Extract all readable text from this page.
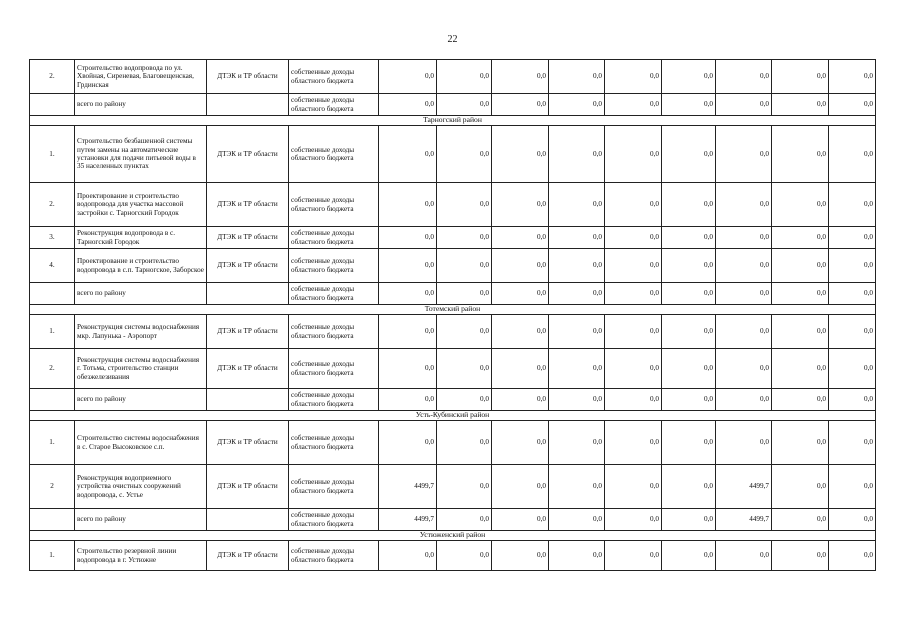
22
2.	Строительство водопровода по ул. Хвойная, Сиреневая, Благовещенская, Грдинская	ДТЭК и ТР области	собственные доходы областного бюджета	0,0	0,0	0,0	0,0	0,0	0,0	0,0	0,0	0,0
	всего по району		собственные доходы областного бюджета	0,0	0,0	0,0	0,0	0,0	0,0	0,0	0,0	0,0
Тарногский район												
1.	Строительство безбашенной системы путем замены на автоматические установки для подачи питьевой воды в 35 населенных пунктах	ДТЭК и ТР области	собственные доходы областного бюджета	0,0	0,0	0,0	0,0	0,0	0,0	0,0	0,0	0,0
2.	Проектирование и строительство водопровода для участка массовой застройки с. Тарногский Городок	ДТЭК и ТР области	собственные доходы областного бюджета	0,0	0,0	0,0	0,0	0,0	0,0	0,0	0,0	0,0
3.	Реконструкция водопровода в с. Тарногский Городок	ДТЭК и ТР области	собственные доходы областного бюджета	0,0	0,0	0,0	0,0	0,0	0,0	0,0	0,0	0,0
4.	Проектирование и строительство водопровода в с.п. Тарногское, Заборское	ДТЭК и ТР области	собственные доходы областного бюджета	0,0	0,0	0,0	0,0	0,0	0,0	0,0	0,0	0,0
	всего по району		собственные доходы областного бюджета	0,0	0,0	0,0	0,0	0,0	0,0	0,0	0,0	0,0
Тотемский район												
1.	Реконструкция системы водоснабжения мкр. Лапунька - Аэропорт	ДТЭК и ТР области	собственные доходы областного бюджета	0,0	0,0	0,0	0,0	0,0	0,0	0,0	0,0	0,0
2.	Реконструкция системы водоснабжения г. Тотьма, строительство станции обезжелезивания	ДТЭК и ТР области	собственные доходы областного бюджета	0,0	0,0	0,0	0,0	0,0	0,0	0,0	0,0	0,0
	всего по району		собственные доходы областного бюджета	0,0	0,0	0,0	0,0	0,0	0,0	0,0	0,0	0,0
Усть-Кубинский район												
1.	Строительство системы водоснабжения в с. Старое Высоковское с.п.	ДТЭК и ТР области	собственные доходы областного бюджета	0,0	0,0	0,0	0,0	0,0	0,0	0,0	0,0	0,0
2	Реконструкция водоприемного устройства очистных сооружений водопровода, с. Устье	ДТЭК и ТР области	собственные доходы областного бюджета	4499,7	0,0	0,0	0,0	0,0	0,0	4499,7	0,0	0,0
	всего по району		собственные доходы областного бюджета	4499,7	0,0	0,0	0,0	0,0	0,0	4499,7	0,0	0,0
Устюженский район												
1.	Строительство резервной линии водопровода в г. Устюжне	ДТЭК и ТР области	собственные доходы областного бюджета	0,0	0,0	0,0	0,0	0,0	0,0	0,0	0,0	0,0
